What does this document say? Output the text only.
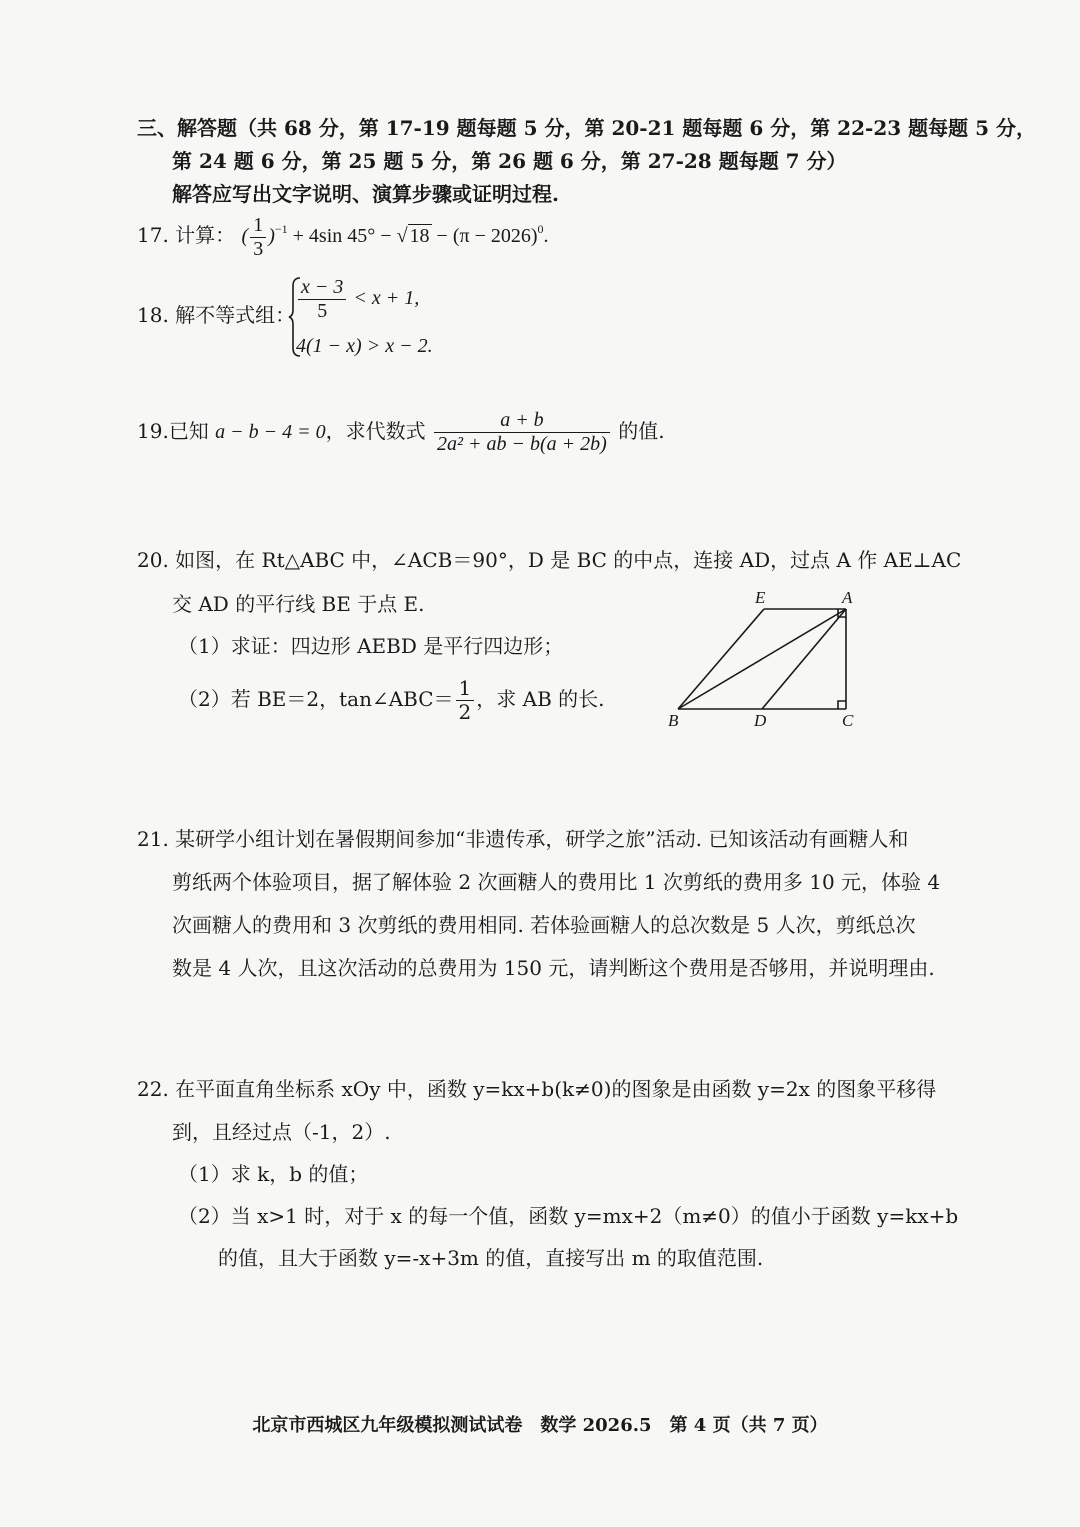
三、解答题（共 68 分，第 17-19 题每题 5 分，第 20-21 题每题 6 分，第 22-23 题每题 5 分，
第 24 题 6 分，第 25 题 5 分，第 26 题 6 分，第 27-28 题每题 7 分）
解答应写出文字说明、演算步骤或证明过程.
17. 计算： ( $\frac{1}{3} )^{-1} + 4\sin$ 45° − √ $18 - (\pi - 2026)^0$.
18. 解不等式组： $\frac{x - 3}{5} < x + 1$,
4(1 − x) > x − 2.
19.已知 a − b − 4 = 0，求代数式 $\frac{a + b}{\text{2a² + ab − b(a + 2b)}}$ 的值.
20. 如图，在 Rt△ABC 中，∠ACB＝90°，D 是 BC 的中点，连接 AD，过点 A 作 AE⊥AC
交 AD 的平行线 BE 于点 E.
（1）求证：四边形 AEBD 是平行四边形；
（2）若 BE＝2，tan∠ABC＝ $\frac{1}{2}$ ，求 AB 的长.
E	A
B	D	C
21. 某研学小组计划在暑假期间参加“非遗传承，研学之旅”活动. 已知该活动有画糖人和
剪纸两个体验项目，据了解体验 2 次画糖人的费用比 1 次剪纸的费用多 10 元，体验 4
次画糖人的费用和 3 次剪纸的费用相同. 若体验画糖人的总次数是 5 人次，剪纸总次
数是 4 人次，且这次活动的总费用为 150 元，请判断这个费用是否够用，并说明理由.
22. 在平面直角坐标系 xOy 中，函数 y=kx+b(k≠0)的图象是由函数 y=2x 的图象平移得
到，且经过点（-1，2）.
（1）求 k，b 的值；
（2）当 x>1 时，对于 x 的每一个值，函数 y=mx+2（m≠0）的值小于函数 y=kx+b
的值，且大于函数 y=-x+3m 的值，直接写出 m 的取值范围.
北京市西城区九年级模拟测试试卷　数学 2026.5　第 4 页（共 7 页）
